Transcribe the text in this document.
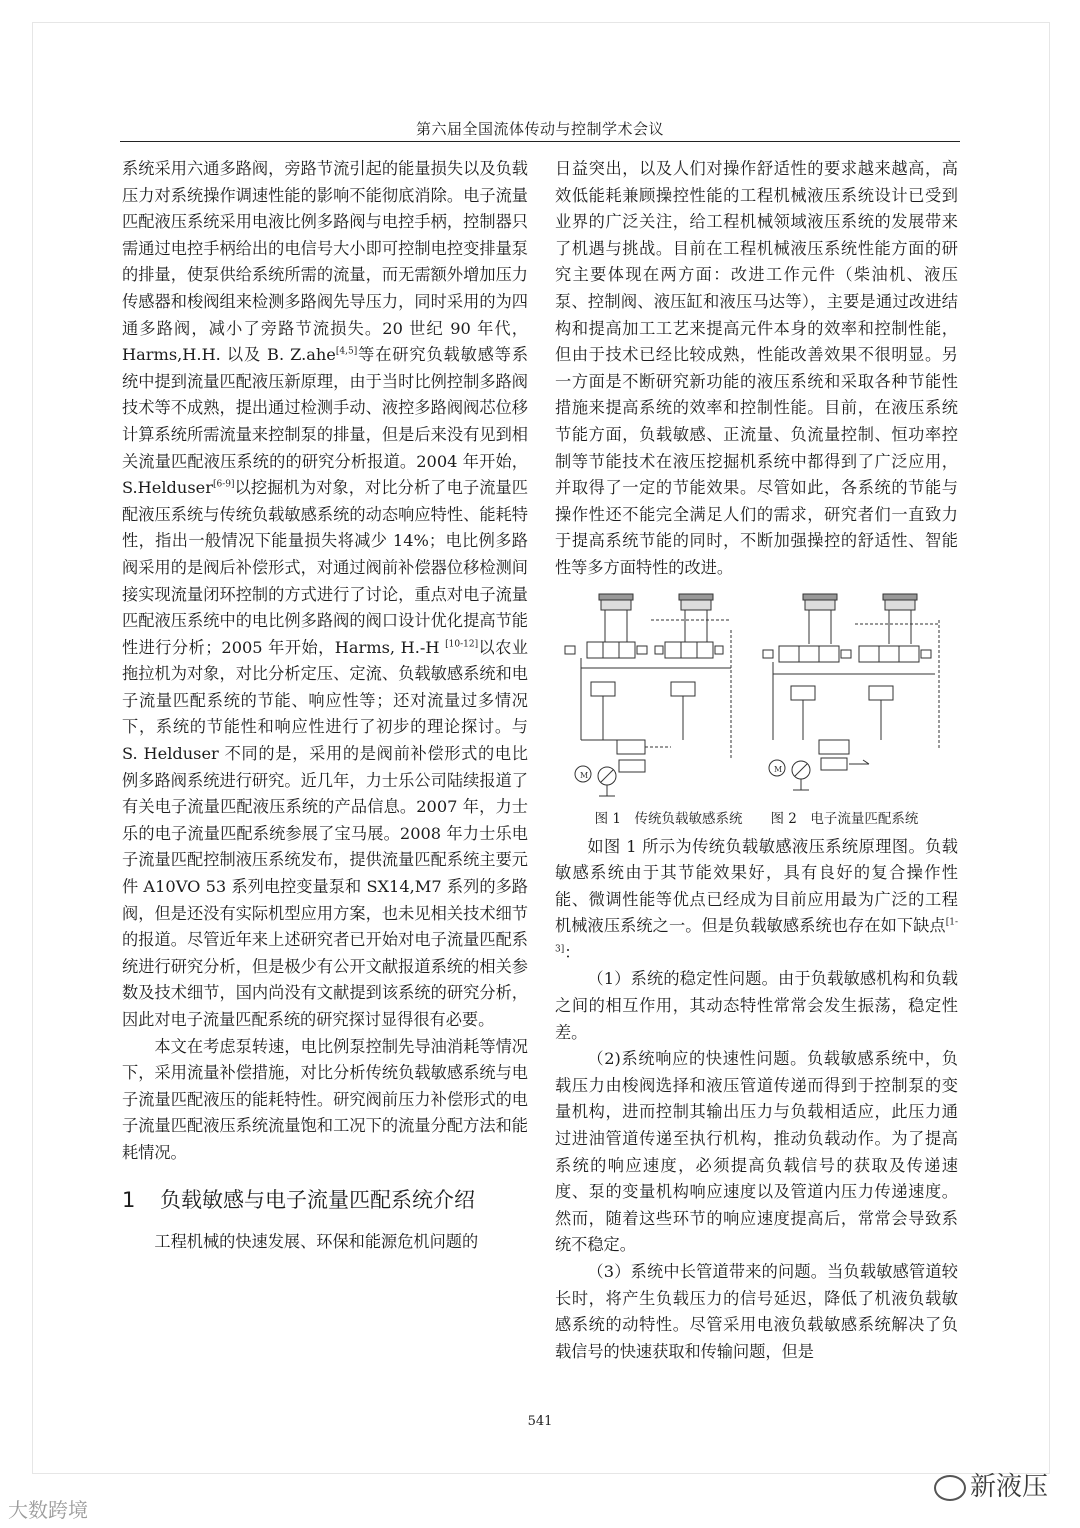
第六届全国流体传动与控制学术会议

系统采用六通多路阀，旁路节流引起的能量损失以及负载压力对系统操作调速性能的影响不能彻底消除。电子流量匹配液压系统采用电液比例多路阀与电控手柄，控制器只需通过电控手柄给出的电信号大小即可控制电控变排量泵的排量，使泵供给系统所需的流量，而无需额外增加压力传感器和梭阀组来检测多路阀先导压力，同时采用的为四通多路阀，减小了旁路节流损失。20 世纪 90 年代，Harms,H.H. 以及 B. Z.ahe[4,5]等在研究负载敏感等系统中提到流量匹配液压新原理，由于当时比例控制多路阀技术等不成熟，提出通过检测手动、液控多路阀阀芯位移计算系统所需流量来控制泵的排量，但是后来没有见到相关流量匹配液压系统的的研究分析报道。2004 年开始，S.Helduser[6-9]以挖掘机为对象，对比分析了电子流量匹配液压系统与传统负载敏感系统的动态响应特性、能耗特性，指出一般情况下能量损失将减少 14%；电比例多路阀采用的是阀后补偿形式，对通过阀前补偿器位移检测间接实现流量闭环控制的方式进行了讨论，重点对电子流量匹配液压系统中的电比例多路阀的阀口设计优化提高节能性进行分析；2005 年开始，Harms, H.-H [10-12]以农业拖拉机为对象，对比分析定压、定流、负载敏感系统和电子流量匹配系统的节能、响应性等；还对流量过多情况下，系统的节能性和响应性进行了初步的理论探讨。与 S. Helduser 不同的是，采用的是阀前补偿形式的电比例多路阀系统进行研究。近几年，力士乐公司陆续报道了有关电子流量匹配液压系统的产品信息。2007 年，力士乐的电子流量匹配系统参展了宝马展。2008 年力士乐电子流量匹配控制液压系统发布，提供流量匹配系统主要元件 A10VO 53 系列电控变量泵和 SX14,M7 系列的多路阀，但是还没有实际机型应用方案，也未见相关技术细节的报道。尽管近年来上述研究者已开始对电子流量匹配系统进行研究分析，但是极少有公开文献报道系统的相关参数及技术细节，国内尚没有文献提到该系统的研究分析，因此对电子流量匹配系统的研究探讨显得很有必要。

本文在考虑泵转速，电比例泵控制先导油消耗等情况下，采用流量补偿措施，对比分析传统负载敏感系统与电子流量匹配液压的能耗特性。研究阀前压力补偿形式的电子流量匹配液压系统流量饱和工况下的流量分配方法和能耗情况。

1 负载敏感与电子流量匹配系统介绍

工程机械的快速发展、环保和能源危机问题的

日益突出，以及人们对操作舒适性的要求越来越高，高效低能耗兼顾操控性能的工程机械液压系统设计已受到业界的广泛关注，给工程机械领域液压系统的发展带来了机遇与挑战。目前在工程机械液压系统性能方面的研究主要体现在两方面：改进工作元件（柴油机、液压泵、控制阀、液压缸和液压马达等），主要是通过改进结构和提高加工工艺来提高元件本身的效率和控制性能，但由于技术已经比较成熟，性能改善效果不很明显。另一方面是不断研究新功能的液压系统和采取各种节能性措施来提高系统的效率和控制性能。目前，在液压系统节能方面，负载敏感、正流量、负流量控制、恒功率控制等节能技术在液压挖掘机系统中都得到了广泛应用，并取得了一定的节能效果。尽管如此，各系统的节能与操作性还不能完全满足人们的需求，研究者们一直致力于提高系统节能的同时，不断加强操控的舒适性、智能性等多方面特性的改进。

M
M
图 1　传统负载敏感系统 图 2　电子流量匹配系统

如图 1 所示为传统负载敏感液压系统原理图。负载敏感系统由于其节能效果好，具有良好的复合操作性能、微调性能等优点已经成为目前应用最为广泛的工程机械液压系统之一。但是负载敏感系统也存在如下缺点[1-3]：

（1）系统的稳定性问题。由于负载敏感机构和负载之间的相互作用，其动态特性常常会发生振荡，稳定性差。

（2)系统响应的快速性问题。负载敏感系统中，负载压力由梭阀选择和液压管道传递而得到于控制泵的变量机构，进而控制其输出压力与负载相适应，此压力通过进油管道传递至执行机构，推动负载动作。为了提高系统的响应速度，必须提高负载信号的获取及传递速度、泵的变量机构响应速度以及管道内压力传递速度。然而，随着这些环节的响应速度提高后，常常会导致系统不稳定。

（3）系统中长管道带来的问题。当负载敏感管道较长时，将产生负载压力的信号延迟，降低了机液负载敏感系统的动特性。尽管采用电液负载敏感系统解决了负载信号的快速获取和传输问题，但是

541
大数跨境
新液压
